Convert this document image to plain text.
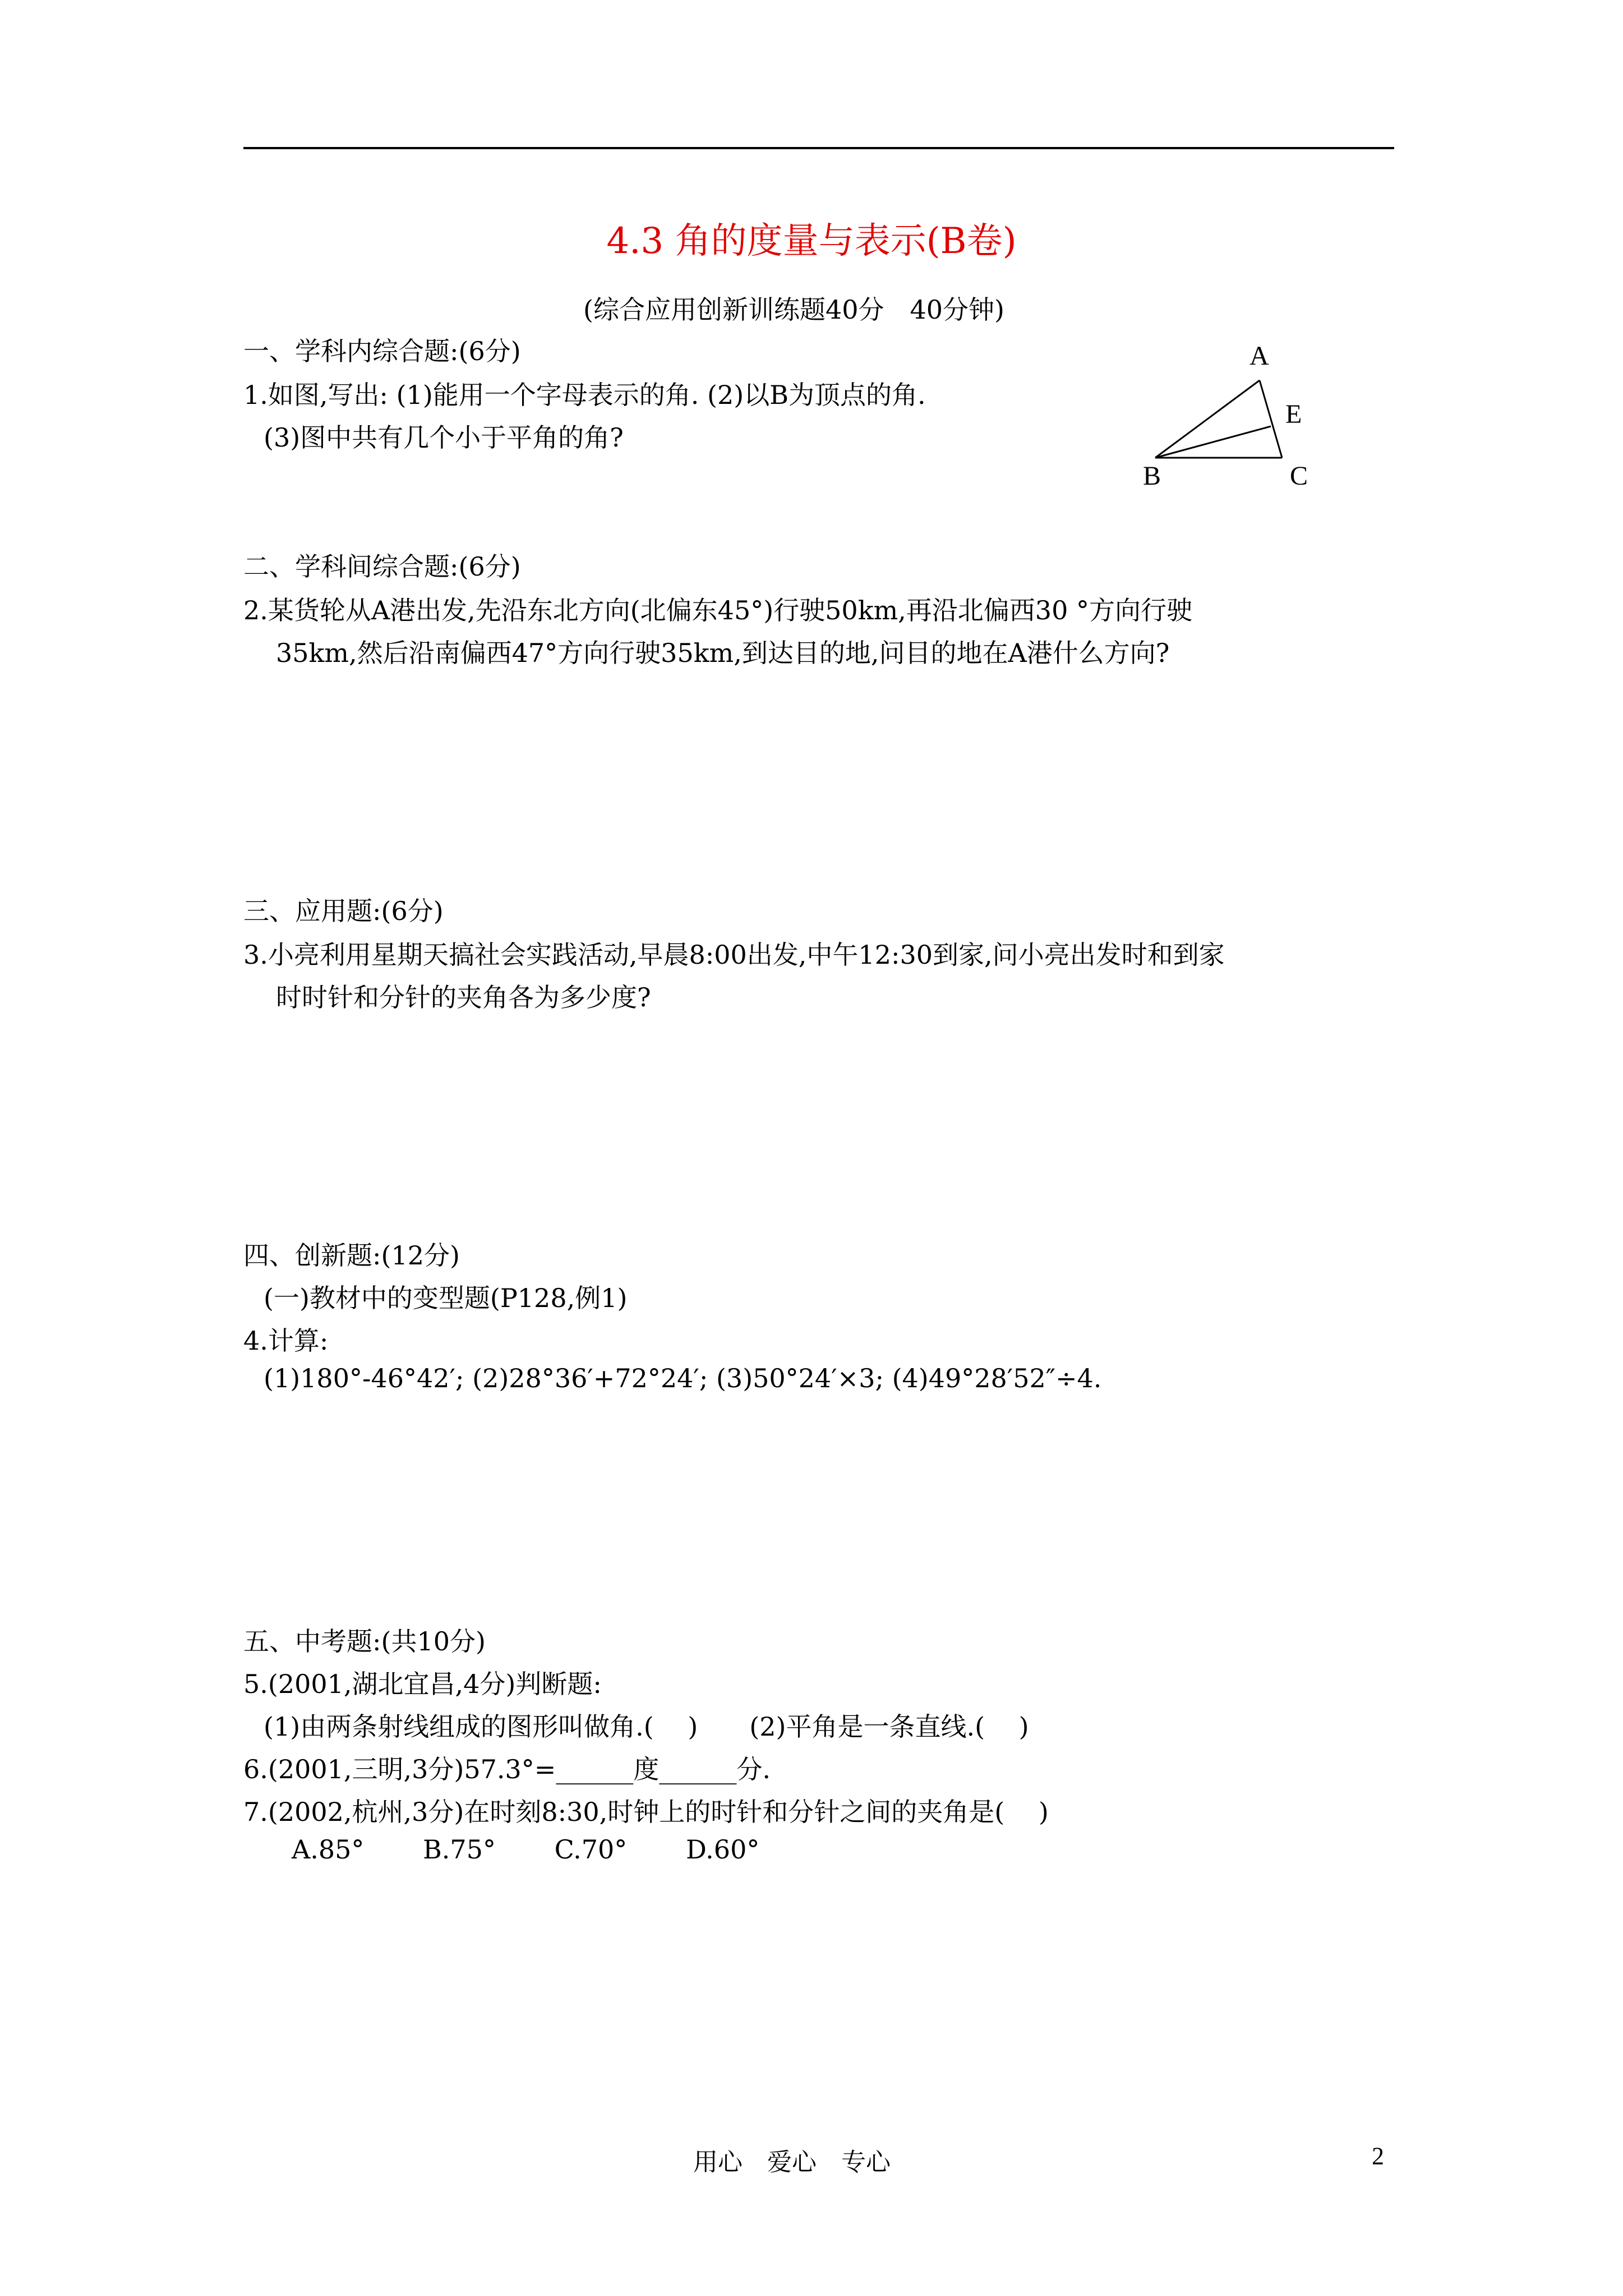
4.3 角的度量与表示(B卷)
(综合应用创新训练题40分　40分钟)
一、学科内综合题:(6分)
1.如图,写出: (1)能用一个字母表示的角. (2)以B为顶点的角.
(3)图中共有几个小于平角的角?
A
B	C
E
二、学科间综合题:(6分)
2.某货轮从A港出发,先沿东北方向(北偏东45°)行驶50km,再沿北偏西30 °方向行驶
35km,然后沿南偏西47°方向行驶35km,到达目的地,问目的地在A港什么方向?
三、应用题:(6分)
3.小亮利用星期天搞社会实践活动,早晨8:00出发,中午12:30到家,问小亮出发时和到家
时时针和分针的夹角各为多少度?
四、创新题:(12分)
(一)教材中的变型题(P128,例1)
4.计算:
(1)180°-46°42′; (2)28°36′+72°24′; (3)50°24′×3; (4)49°28′52″÷4.
五、中考题:(共10分)
5.(2001,湖北宜昌,4分)判断题:
(1)由两条射线组成的图形叫做角.(　 )　　(2)平角是一条直线.(　 )
6.(2001,三明,3分)57.3°=______度______分.
7.(2002,杭州,3分)在时刻8:30,时钟上的时针和分针之间的夹角是(　 )
A.85° B.75° C.70° D.60°
用心　爱心　专心	2
